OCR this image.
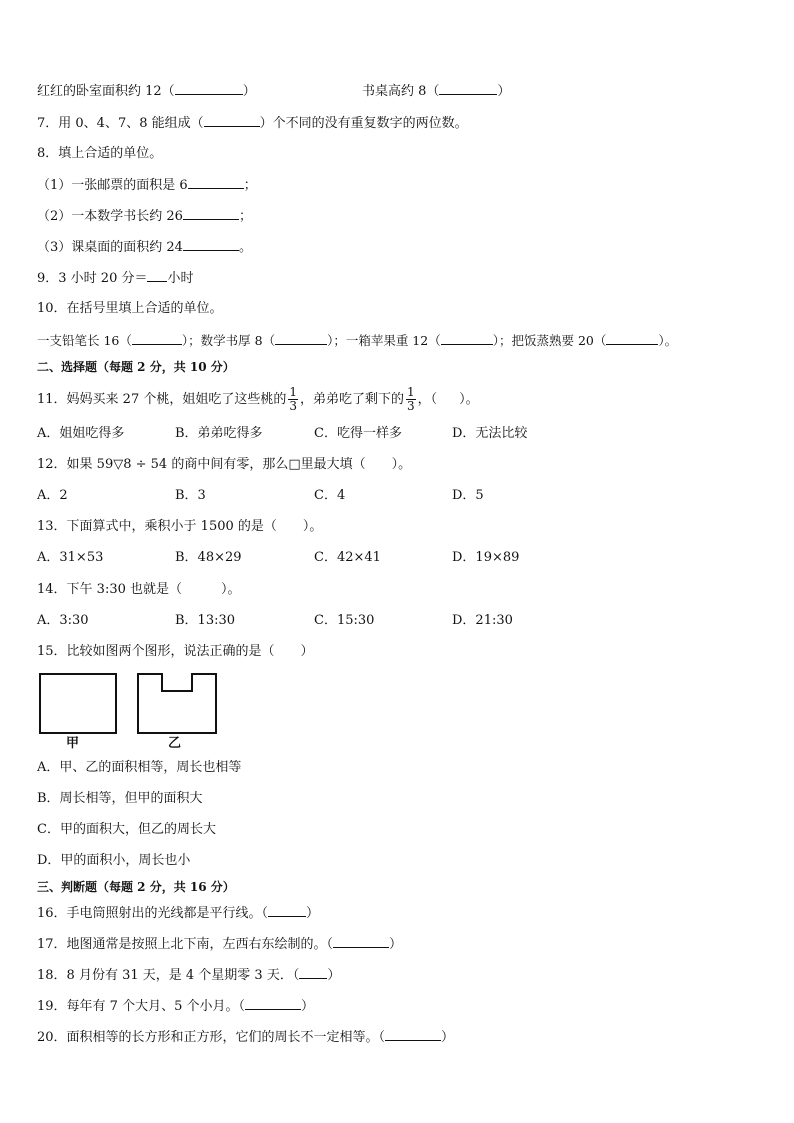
红红的卧室面积约 12（	）	书桌高约 8（	）
7．用 0、4、7、8 能组成（	）个不同的没有重复数字的两位数。
8．填上合适的单位。
（1）一张邮票的面积是 6	；
（2）一本数学书长约 26	；
（3）课桌面的面积约 24	。
9．3 小时 20 分＝ 小时
10．在括号里填上合适的单位。
一支铅笔长 16（	）；数学书厚 8（	）；一箱苹果重 12（	）；把饭蒸熟要 20（	）。
二、选择题（每题 2 分，共 10 分）
11．妈妈买来 27 个桃，姐姐吃了这些桃的 $\frac{1}{3}$ ，弟弟吃了剩下的 $\frac{1}{3}$ ，（ ）。
A．姐姐吃得多	B．弟弟吃得多	C．吃得一样多	D．无法比较
12．如果 59▽8 ÷ 54 的商中间有零，那么□里最大填（　　）。
A．2	B．3	C．4	D．5
13．下面算式中，乘积小于 1500 的是（　　）。
A．31×53	B．48×29	C．42×41	D．19×89
14．下午 3:30 也就是（　　　）。
A．3:30	B．13:30	C．15:30	D．21:30
15．比较如图两个图形，说法正确的是（　　）
甲	乙
A．甲、乙的面积相等，周长也相等
B．周长相等，但甲的面积大
C．甲的面积大，但乙的周长大
D．甲的面积小，周长也小
三、判断题（每题 2 分，共 16 分）
16．手电筒照射出的光线都是平行线。（	）
17．地图通常是按照上北下南，左西右东绘制的。（	）
18．8 月份有 31 天，是 4 个星期零 3 天．（ ）
19．每年有 7 个大月、5 个小月。（	）
20．面积相等的长方形和正方形，它们的周长不一定相等。（	）
